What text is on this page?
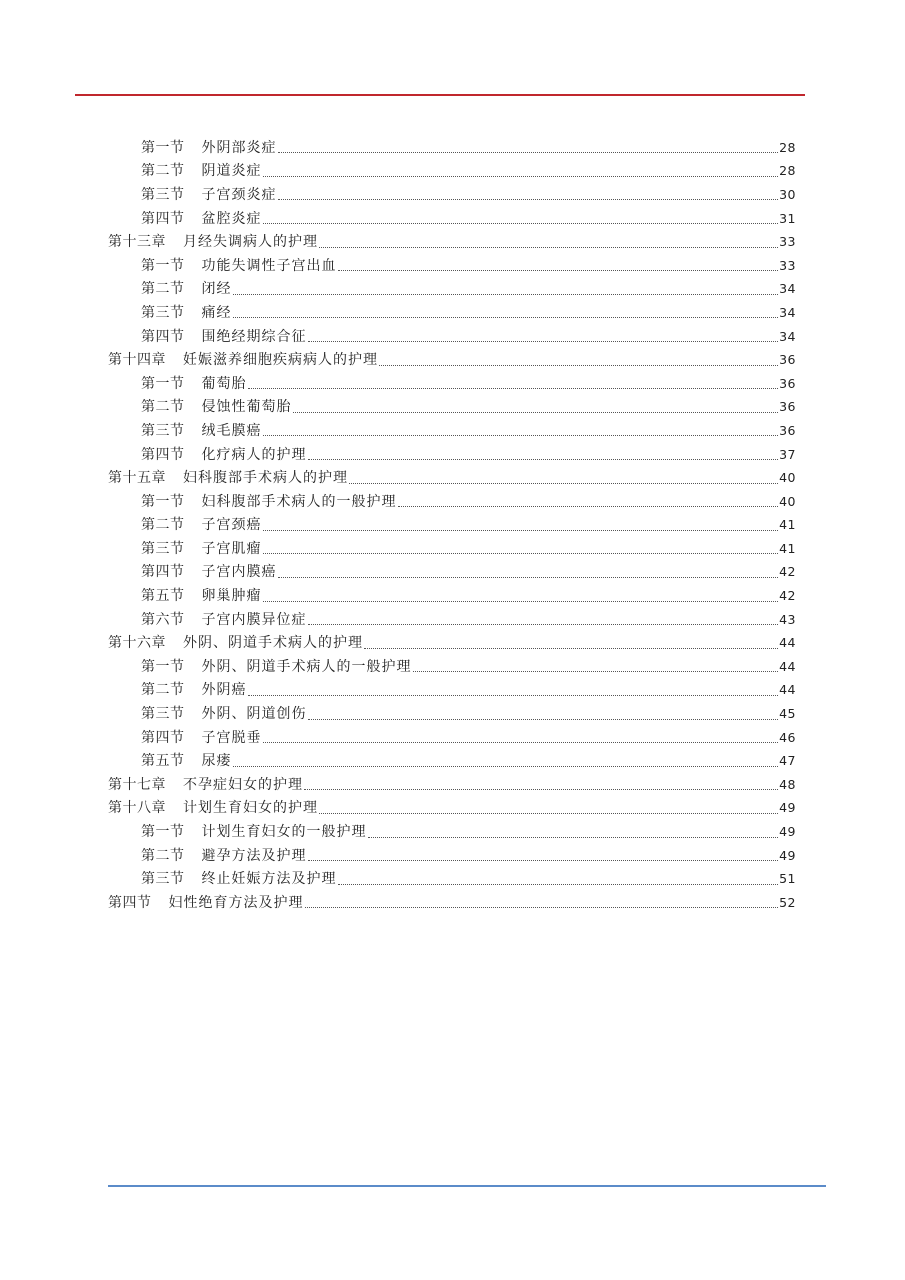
第一节 外阴部炎症	28
第二节 阴道炎症	28
第三节 子宫颈炎症	30
第四节 盆腔炎症	31
第十三章 月经失调病人的护理	33
第一节 功能失调性子宫出血	33
第二节 闭经	34
第三节 痛经	34
第四节 围绝经期综合征	34
第十四章 妊娠滋养细胞疾病病人的护理	36
第一节 葡萄胎	36
第二节 侵蚀性葡萄胎	36
第三节 绒毛膜癌	36
第四节 化疗病人的护理	37
第十五章 妇科腹部手术病人的护理	40
第一节 妇科腹部手术病人的一般护理	40
第二节 子宫颈癌	41
第三节 子宫肌瘤	41
第四节 子宫内膜癌	42
第五节 卵巢肿瘤	42
第六节 子宫内膜异位症	43
第十六章 外阴、阴道手术病人的护理	44
第一节 外阴、阴道手术病人的一般护理	44
第二节 外阴癌	44
第三节 外阴、阴道创伤	45
第四节 子宫脱垂	46
第五节 尿瘘	47
第十七章 不孕症妇女的护理	48
第十八章 计划生育妇女的护理	49
第一节 计划生育妇女的一般护理	49
第二节 避孕方法及护理	49
第三节 终止妊娠方法及护理	51
第四节 妇性绝育方法及护理	52
